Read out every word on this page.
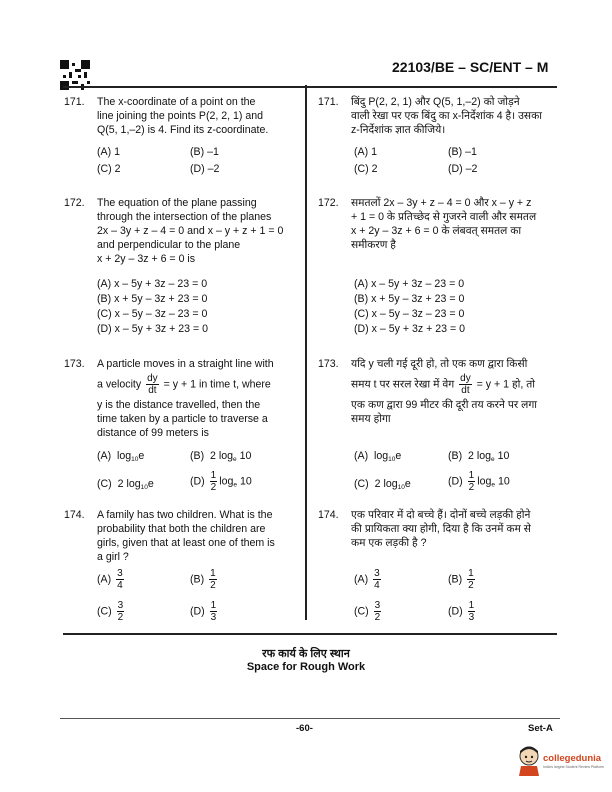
22103/BE – SC/ENT – M
171. The x-coordinate of a point on the
line joining the points P(2, 2, 1) and
Q(5, 1,–2) is 4. Find its z-coordinate.
(A) 1	(B) –1
(C) 2	(D) –2
171. बिंदु P(2, 2, 1) और Q(5, 1,–2) को जोड़ने
वाली रेखा पर एक बिंदु का x-निर्देशांक 4 है। उसका
z-निर्देशांक ज्ञात कीजिये।
(A) 1	(B) –1
(C) 2	(D) –2
172. The equation of the plane passing
through the intersection of the planes
2x – 3y + z – 4 = 0 and x – y + z + 1 = 0
and perpendicular to the plane
x + 2y – 3z + 6 = 0 is
(A) x – 5y + 3z – 23 = 0
(B) x + 5y – 3z + 23 = 0
(C) x – 5y – 3z – 23 = 0
(D) x – 5y + 3z + 23 = 0
172. समतलों 2x – 3y + z – 4 = 0 और x – y + z
+ 1 = 0 के प्रतिच्छेद से गुजरने वाली और समतल
x + 2y – 3z + 6 = 0 के लंबवत् समतल का
समीकरण है
(A) x – 5y + 3z – 23 = 0
(B) x + 5y – 3z + 23 = 0
(C) x – 5y – 3z – 23 = 0
(D) x – 5y + 3z + 23 = 0
173. A particle moves in a straight line with
a velocity $\frac{dy}{dt} = y + 1$ in time t, where
y is the distance travelled, then the
time taken by a particle to traverse a
distance of 99 meters is
(A) $\log_{10}e$	(B) 2 $\log_e 10$
(C) 2 $\log_{10}e$	$(D) \frac{1}{2} \log_e 10$
173. यदि y चली गई दूरी हो, तो एक कण द्वारा किसी
समय t पर सरल रेखा में वेग $\frac{dy}{dt} = y + 1$ हो, तो
एक कण द्वारा 99 मीटर की दूरी तय करने पर लगा
समय होगा
(A) $\log_{10}e$	(B) 2 $\log_e 10$
(C) 2 $\log_{10}e$	$(D) \frac{1}{2} \log_e 10$
174. A family has two children. What is the
probability that both the children are
girls, given that at least one of them is
a girl ?
$(A) \frac{3}{4}$	$(B) \frac{1}{2}$
$(C) \frac{3}{2}$	$(D) \frac{1}{3}$
174. एक परिवार में दो बच्चे हैं। दोनों बच्चे लड़की होने
की प्रायिकता क्या होगी, दिया है कि उनमें कम से
कम एक लड़की है ?
$(A) \frac{3}{4}$	$(B) \frac{1}{2}$
$(C) \frac{3}{2}$	$(D) \frac{1}{3}$
रफ कार्य के लिए स्थान
Space for Rough Work
-60-	Set-A
collegedunia
India's largest Student Review Platform
